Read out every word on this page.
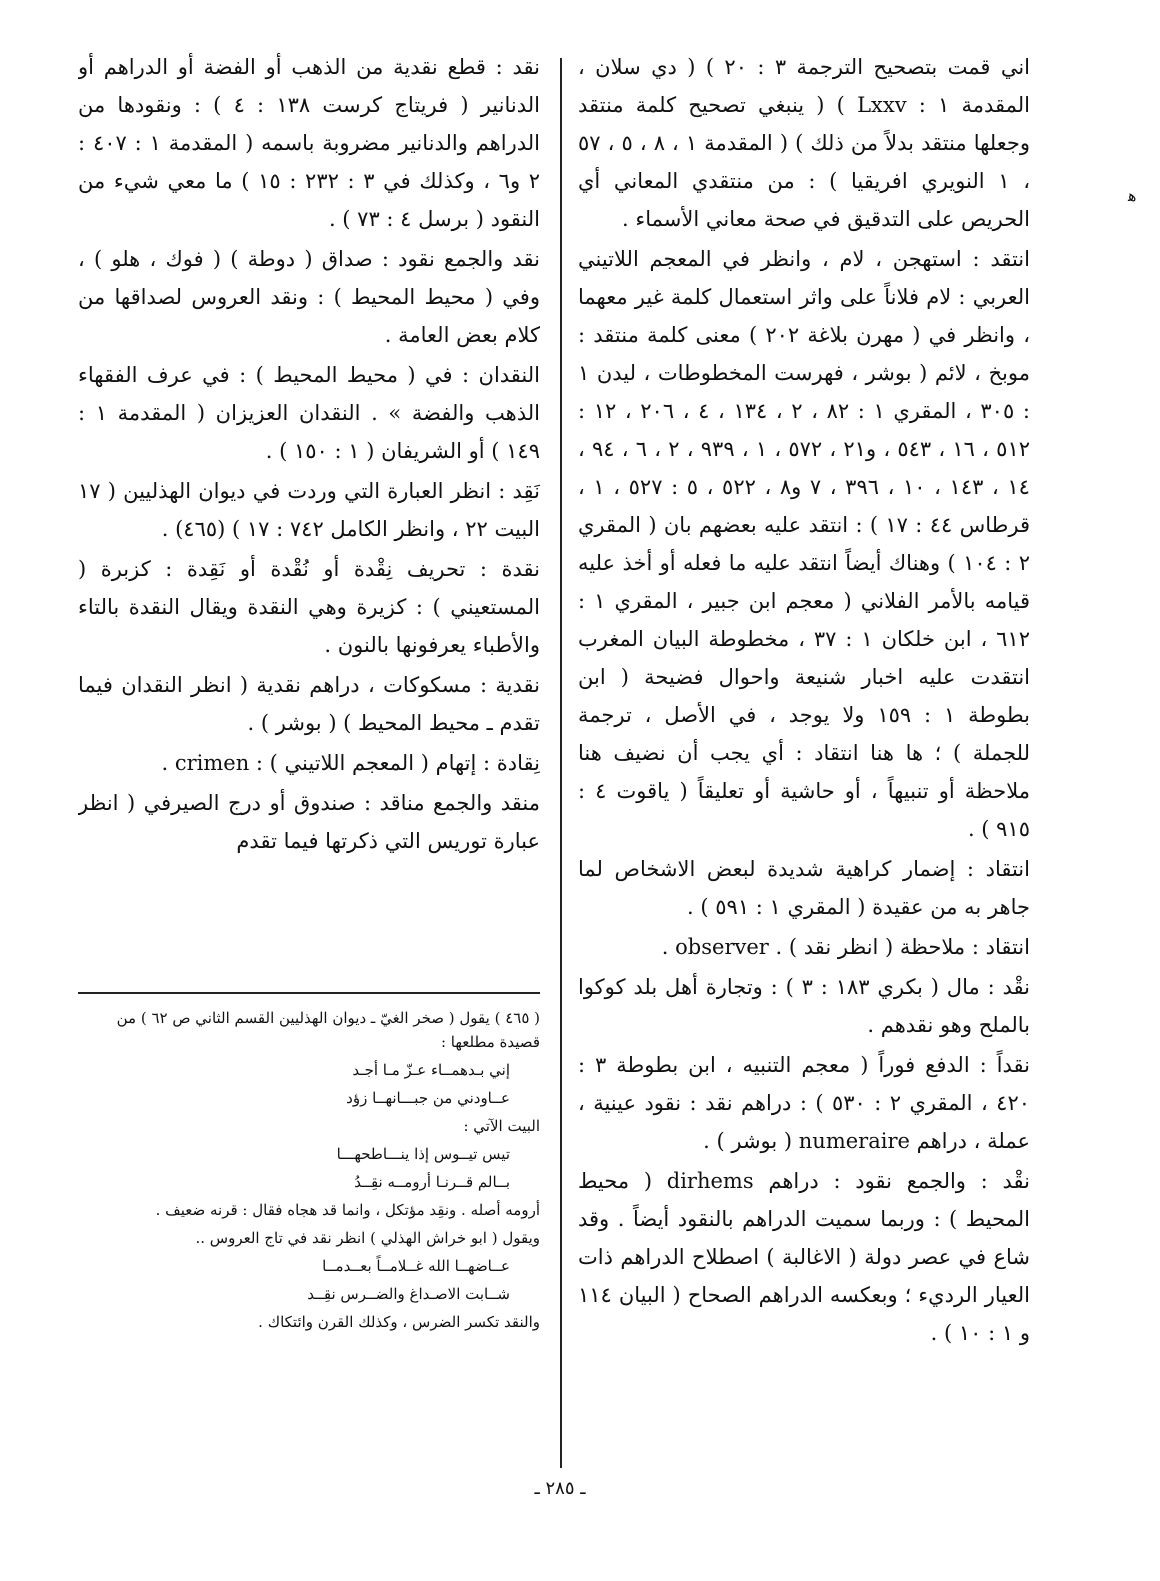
اني قمت بتصحيح الترجمة ٣ : ٢٠ ) ( دي سلان ، المقدمة ١ : Lxxv ) ( ينبغي تصحيح كلمة منتقد وجعلها منتقد بدلاً من ذلك ) ( المقدمة ١ ، ٨ ، ٥ ، ٥٧ ، ١ النويري افريقيا ) : من منتقدي المعاني أي الحريص على التدقيق في صحة معاني الأسماء .

انتقد : استهجن ، لام ، وانظر في المعجم اللاتيني العربي : لام فلاناً على واثر استعمال كلمة غير معهما ، وانظر في ( مهرن بلاغة ٢٠٢ ) معنى كلمة منتقد : موبخ ، لائم ( بوشر ، فهرست المخطوطات ، ليدن ١ : ٣٠٥ ، المقري ١ : ٨٢ ، ٢ ، ١٣٤ ، ٤ ، ٢٠٦ ، ١٢ : ٥١٢ ، ١٦ ، ٥٤٣ ، و٢١ ، ٥٧٢ ، ١ ، ٩٣٩ ، ٢ ، ٦ ، ٩٤ ، ١٤ ، ١٤٣ ، ١٠ ، ٣٩٦ ، ٧ و٨ ، ٥٢٢ ، ٥ : ٥٢٧ ، ١ ، قرطاس ٤٤ : ١٧ ) : انتقد عليه بعضهم بان ( المقري ٢ : ١٠٤ ) وهناك أيضاً انتقد عليه ما فعله أو أخذ عليه قيامه بالأمر الفلاني ( معجم ابن جبير ، المقري ١ : ٦١٢ ، ابن خلكان ١ : ٣٧ ، مخطوطة البيان المغرب انتقدت عليه اخبار شنيعة واحوال فضيحة ( ابن بطوطة ١ : ١٥٩ ولا يوجد ، في الأصل ، ترجمة للجملة ) ؛ ها هنا انتقاد : أي يجب أن نضيف هنا ملاحظة أو تنبيهاً ، أو حاشية أو تعليقاً ( ياقوت ٤ : ٩١٥ ) .

انتقاد : إضمار كراهية شديدة لبعض الاشخاص لما جاهر به من عقيدة ( المقري ١ : ٥٩١ ) .

انتقاد : ملاحظة ( انظر نقد ) . observer .

نقْد : مال ( بكري ١٨٣ : ٣ ) : وتجارة أهل بلد كوكوا بالملح وهو نقدهم .

نقداً : الدفع فوراً ( معجم التنبيه ، ابن بطوطة ٣ : ٤٢٠ ، المقري ٢ : ٥٣٠ ) : دراهم نقد : نقود عينية ، عملة ، دراهم numeraire ( بوشر ) .

نقْد : والجمع نقود : دراهم dirhems ( محيط المحيط ) : وربما سميت الدراهم بالنقود أيضاً . وقد شاع في عصر دولة ( الاغالبة ) اصطلاح الدراهم ذات العيار الرديء ؛ وبعكسه الدراهم الصحاح ( البيان ١١٤ و ١ : ١٠ ) .

نقد : قطع نقدية من الذهب أو الفضة أو الدراهم أو الدنانير ( فريتاج كرست ١٣٨ : ٤ ) : ونقودها من الدراهم والدنانير مضروبة باسمه ( المقدمة ١ : ٤٠٧ : ٢ و٦ ، وكذلك في ٣ : ٢٣٢ : ١٥ ) ما معي شيء من النقود ( برسل ٤ : ٧٣ ) .

نقد والجمع نقود : صداق ( دوطة ) ( فوك ، هلو ) ، وفي ( محيط المحيط ) : ونقد العروس لصداقها من كلام بعض العامة .

النقدان : في ( محيط المحيط ) : في عرف الفقهاء الذهب والفضة » . النقدان العزيزان ( المقدمة ١ : ١٤٩ ) أو الشريفان ( ١ : ١٥٠ ) .

نَقِد : انظر العبارة التي وردت في ديوان الهذليين ( ١٧ البيت ٢٢ ، وانظر الكامل ٧٤٢ : ١٧ ) (٤٦٥) .

نقدة : تحريف نِقْدة أو نُقْدة أو نَقِدة : كزبرة ( المستعيني ) : كزيرة وهي النقدة ويقال النقدة بالتاء والأطباء يعرفونها بالنون .

نقدية : مسكوكات ، دراهم نقدية ( انظر النقدان فيما تقدم ـ محيط المحيط ) ( بوشر ) .

نِقادة : إتهام ( المعجم اللاتيني ) : crimen .

منقد والجمع مناقد : صندوق أو درج الصيرفي ( انظر عبارة توريس التي ذكرتها فيما تقدم

( ٤٦٥ ) يقول ( صخر الغيّ ـ ديوان الهذليين القسم الثاني ص ٦٢ ) من قصيدة مطلعها :

إني بـدهمــاء عـزّ مـا أجـد

عــاودني من جبـــانهــا زؤد

البيت الآتي :

تيس تيــوس إذا ينـــاطحهـــا

بــالم قــرنـا أرومــه نقِــدُ

أرومه أصله . ونقِد مؤتكل ، وانما قد هجاه فقال : قرنه ضعيف .

ويقول ( ابو خراش الهذلي ) انظر نقد في تاج العروس ..

عــاضهــا الله غــلامــاً بعــدمــا

شــابت الاصـداغ والضــرس نقِــد

والنقد تكسر الضرس ، وكذلك القرن وائتكاك .

ـ ٢٨٥ ـ
ﻫ
